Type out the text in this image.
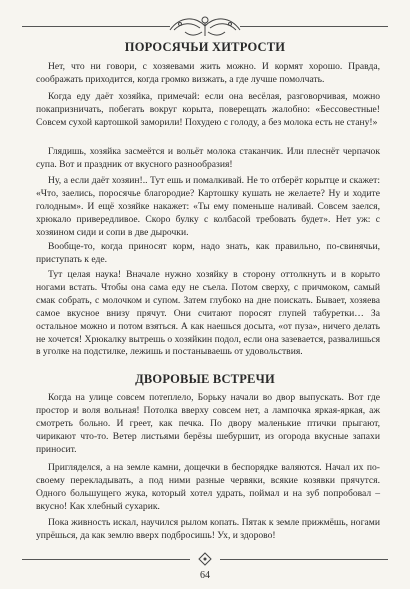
ПОРОСЯЧЬИ ХИТРОСТИ

Нет, что ни говори, с хозяевами жить можно. И кормят хорошо. Правда, соображать приходится, когда громко визжать, а где лучше помолчать.

Когда еду даёт хозяйка, примечай: если она весёлая, разговорчивая, можно покапризничать, побегать вокруг корыта, поверещать жалобно: «Бессовестные! Совсем сухой картошкой заморили! Похудею с голоду, а без молока есть не стану!»

Глядишь, хозяйка засмеётся и вольёт молока стаканчик. Или плеснёт черпачок супа. Вот и праздник от вкусного разнообразия!

Ну, а если даёт хозяин!.. Тут ешь и помалкивай. Не то отберёт корытце и скажет: «Что, заелись, поросячье благородие? Картошку кушать не желаете? Ну и ходите голодным». И ещё хозяйке накажет: «Ты ему поменьше наливай. Совсем заелся, хрюкало привередливое. Скоро булку с колбасой требовать будет». Нет уж: с хозяином сиди и сопи в две дырочки.

Вообще-то, когда приносят корм, надо знать, как правильно, по-свинячьи, приступать к еде.

Тут целая наука! Вначале нужно хозяйку в сторону оттолкнуть и в корыто ногами встать. Чтобы она сама еду не съела. Потом сверху, с причмоком, самый смак собрать, с молочком и супом. Затем глубоко на дне поискать. Бывает, хозяева самое вкусное внизу прячут. Они считают поросят глупей табуретки… За остальное можно и потом взяться. А как наешься досыта, «от пуза», ничего делать не хочется! Хрюкалку вытрешь о хозяйкин подол, если она зазевается, развалишься в уголке на подстилке, лежишь и постанываешь от удовольствия.

ДВОРОВЫЕ ВСТРЕЧИ

Когда на улице совсем потеплело, Борьку начали во двор выпускать. Вот где простор и воля вольная! Потолка вверху совсем нет, а лампочка яркая-яркая, аж смотреть больно. И греет, как печка. По двору маленькие птички прыгают, чирикают что-то. Ветер листьями берёзы шебуршит, из огорода вкусные запахи приносит.

Пригляделся, а на земле камни, дощечки в беспорядке валяются. Начал их по-своему перекладывать, а под ними разные червяки, всякие козявки прячутся. Одного большущего жука, который хотел удрать, поймал и на зуб попробовал – вкусно! Как хлебный сухарик.

Пока живность искал, научился рылом копать. Пятак к земле прижмёшь, ногами упрёшься, да как землю вверх подбросишь! Ух, и здорово!

64
